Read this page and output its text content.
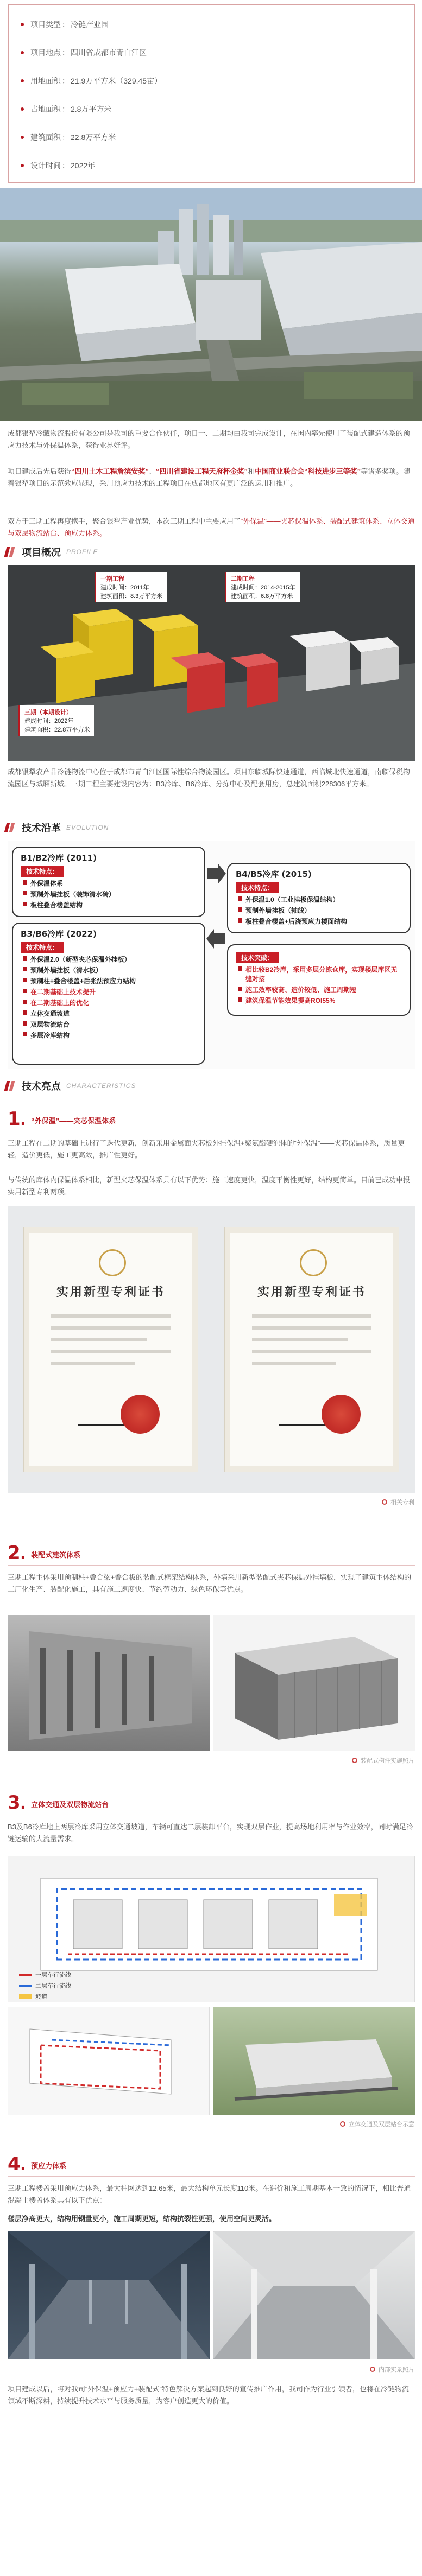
项目类型 ： 冷链产业园
项目地点 ： 四川省成都市青白江区
用地面积 ： 21.9万平方米（329.45亩）
占地面积 ： 2.8万平方米
建筑面积 ： 22.8万平方米
设计时间 ： 2022年

成都银犁冷藏物流股份有限公司是我司的重要合作伙伴，项目一、二期均由我司完成设计，在国内率先使用了装配式建造体系的预应力技术与外保温体系，获得业界好评。

项目建成后先后获得“四川土木工程詹滨安奖”、“四川省建设工程天府杯金奖”和中国商业联合会“科技进步三等奖”等诸多奖项。随着银犁项目的示范效应显现，采用预应力技术的工程项目在成都地区有更广泛的运用和推广。

双方于三期工程再度携手，聚合银犁产业优势，本次三期工程中主要应用了“外保温”——夹芯保温体系、装配式建筑体系、立体交通与双层物流站台、预应力体系。

项目概况 PROFILE
一期工程
建成时间：2011年
建筑面积：8.3万平方米
二期工程
建成时间：2014-2015年
建筑面积：6.8万平方米
三期（本期设计）
建成时间：2022年
建筑面积：22.8万平方米

成都银犁农产品冷链物流中心位于成都市青白江区国际性综合物流园区。项目东临城际快速通道，西临城北快速通道，南临保税物流园区与城厢新城。三期工程主要建设内容为：B3冷库、B6冷库、分拣中心及配套用房，总建筑面积228306平方米。

技术沿革 EVOLUTION
B1/B2冷库 (2011)
技术特点：
外保温体系
预制外墙挂板（装饰清水砖）
板柱叠合楼盖结构
B4/B5冷库 (2015)
技术特点：
外保温1.0（工业挂板保温结构）
预制外墙挂板（轴线）
板柱叠合楼盖+后浇预应力楼面结构
B3/B6冷库 (2022)
技术特点：
外保温2.0（新型夹芯保温外挂板）
预制外墙挂板（清水板）
预制柱+叠合楼盖+后张法预应力结构
在二期基础上技术提升
在二期基础上的优化
立体交通坡道
双层物流站台
多层冷库结构
技术突破：
相比较B2冷库，采用多层分拣仓库，实现楼层库区无缝对接
施工效率较高、造价较低、施工周期短
建筑保温节能效果提高ROI55%
技术亮点 CHARACTERISTICS
1 . “外保温”——夹芯保温体系

三期工程在二期的基础上进行了迭代更新，创新采用金属面夹芯板外挂保温+聚氨酯硬泡体的“外保温”——夹芯保温体系，质量更轻，造价更低，施工更高效，推广性更好。

与传统的库体内保温体系相比，新型夹芯保温体系具有以下优势：施工速度更快，温度平衡性更好，结构更简单。目前已成功申报实用新型专利两项。

实用新型专利证书	实用新型专利证书
相关专利
2 . 装配式建筑体系

三期工程主体采用预制柱+叠合梁+叠合板的装配式框架结构体系，外墙采用新型装配式夹芯保温外挂墙板，实现了建筑主体结构的工厂化生产、装配化施工，具有施工速度快、节约劳动力、绿色环保等优点。

装配式构件实施照片
3 . 立体交通及双层物流站台

B3及B6冷库地上两层冷库采用立体交通坡道，车辆可直达二层装卸平台，实现双层作业，提高场地利用率与作业效率，同时满足冷链运输的大流量需求。

一层车行流线
二层车行流线
坡道
立体交通及双层站台示意
4 . 预应力体系

三期工程楼盖采用预应力体系，最大柱网达到12.65米，最大结构单元长度110米。在造价和施工周期基本一致的情况下，相比普通混凝土楼盖体系具有以下优点：

楼层净高更大，结构用钢量更小，施工周期更短，结构抗裂性更强，使用空间更灵活。

内部实景照片

项目建成以后，将对我司“外保温+预应力+装配式”特色解决方案起到良好的宣传推广作用，我司作为行业引领者，也将在冷链物流领域不断深耕，持续提升技术水平与服务质量，为客户创造更大的价值。
